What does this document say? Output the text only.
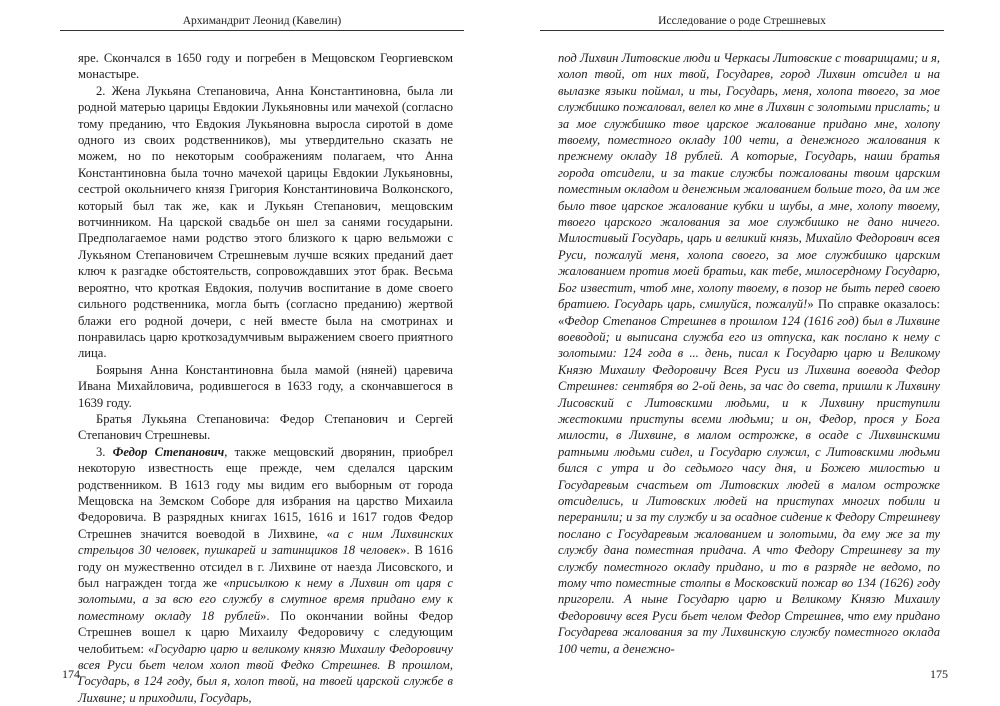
Архимандрит Леонид (Кавелин)

яре. Скончался в 1650 году и погребен в Мещовском Георгиевском монастыре.

2. Жена Лукьяна Степановича, Анна Константиновна, была ли родной матерью царицы Евдокии Лукьяновны или мачехой (согласно тому преданию, что Евдокия Лукьяновна выросла сиротой в доме одного из своих родственников), мы утвердительно сказать не можем, но по некоторым соображениям полагаем, что Анна Константиновна была точно мачехой царицы Евдокии Лукьяновны, сестрой окольничего князя Григория Константиновича Волконского, который был так же, как и Лукьян Степанович, мещовским вотчинником. На царской свадьбе он шел за санями государыни. Предполагаемое нами родство этого близкого к царю вельможи с Лукьяном Степановичем Стрешневым лучше всяких преданий дает ключ к разгадке обстоятельств, сопровождавших этот брак. Весьма вероятно, что кроткая Евдокия, получив воспитание в доме своего сильного родственника, могла быть (согласно преданию) жертвой блажи его родной дочери, с ней вместе была на смотринах и понравилась царю кроткозадумчивым выражением своего приятного лица.

Боярыня Анна Константиновна была мамой (няней) царевича Ивана Михайловича, родившегося в 1633 году, а скончавшегося в 1639 году.

Братья Лукьяна Степановича: Федор Степанович и Сергей Степанович Стрешневы.

3. Федор Степанович, также мещовский дворянин, приобрел некоторую известность еще прежде, чем сделался царским родственником. В 1613 году мы видим его выборным от города Мещовска на Земском Соборе для избрания на царство Михаила Федоровича. В разрядных книгах 1615, 1616 и 1617 годов Федор Стрешнев значится воеводой в Лихвине, «а с ним Лихвинских стрельцов 30 человек, пушкарей и затинщиков 18 человек». В 1616 году он мужественно отсидел в г. Лихвине от наезда Лисовского, и был награжден тогда же «присылкою к нему в Лихвин от царя с золотыми, а за всю его службу в смутное время придано ему к поместному окладу 18 рублей». По окончании войны Федор Стрешнев вошел к царю Михаилу Федоровичу с следующим челобитьем: «Государю царю и великому князю Михаилу Федоровичу всея Руси бьет челом холоп твой Федко Стрешнев. В прошлом, Государь, в 124 году, был я, холоп твой, на твоей царской службе в Лихвине; и приходили, Государь,

174
Исследование о роде Стрешневых

под Лихвин Литовские люди и Черкасы Литовские с товарищами; и я, холоп твой, от них твой, Государев, город Лихвин отсидел и на вылазке языки поймал, и ты, Государь, меня, холопа твоего, за мое службишко пожаловал, велел ко мне в Лихвин с золотыми прислать; и за мое службишко твое царское жалование придано мне, холопу твоему, поместного окладу 100 чети, а денежного жалования к прежнему окладу 18 рублей. А которые, Государь, наши братья города отсидели, и за такие службы пожалованы твоим царским поместным окладом и денежным жалованием больше того, да им же было твое царское жалование кубки и шубы, а мне, холопу твоему, твоего царского жалования за мое службишко не дано ничего. Милостивый Государь, царь и великий князь, Михайло Федорович всея Руси, пожалуй меня, холопа своего, за мое службишко царским жалованием против моей братьи, как тебе, милосердному Государю, Бог известит, чтоб мне, холопу твоему, в позор не быть перед своею братиею. Государь царь, смилуйся, пожалуй!» По справке оказалось: «Федор Степанов Стрешнев в прошлом 124 (1616 год) был в Лихвине воеводой; и выписана служба его из отпуска, как послано к нему с золотыми: 124 года в ... день, писал к Государю царю и Великому Князю Михаилу Федоровичу Всея Руси из Лихвина воевода Федор Стрешнев: сентября во 2-ой день, за час до света, пришли к Лихвину Лисовский с Литовскими людьми, и к Лихвину приступили жестокими приступы всеми людьми; и он, Федор, прося у Бога милости, в Лихвине, в малом острожке, в осаде с Лихвинскими ратными людьми сидел, и Государю служил, с Литовскими людьми бился с утра и до седьмого часу дня, и Божею милостью и Государевым счастьем от Литовских людей в малом острожке отсиделись, и Литовских людей на приступах многих побили и переранили; и за ту службу и за осадное сидение к Федору Стрешневу послано с Государевым жалованием и золотыми, да ему же за ту службу дана поместная придача. А что Федору Стрешневу за ту службу поместного окладу придано, и то в разряде не ведомо, по тому что поместные столпы в Московский пожар во 134 (1626) году пригорели. А ныне Государю царю и Великому Князю Михаилу Федоровичу всея Руси бьет челом Федор Стрешнев, что ему придано Государева жалования за ту Лихвинскую службу поместного оклада 100 чети, а денежно-

175
